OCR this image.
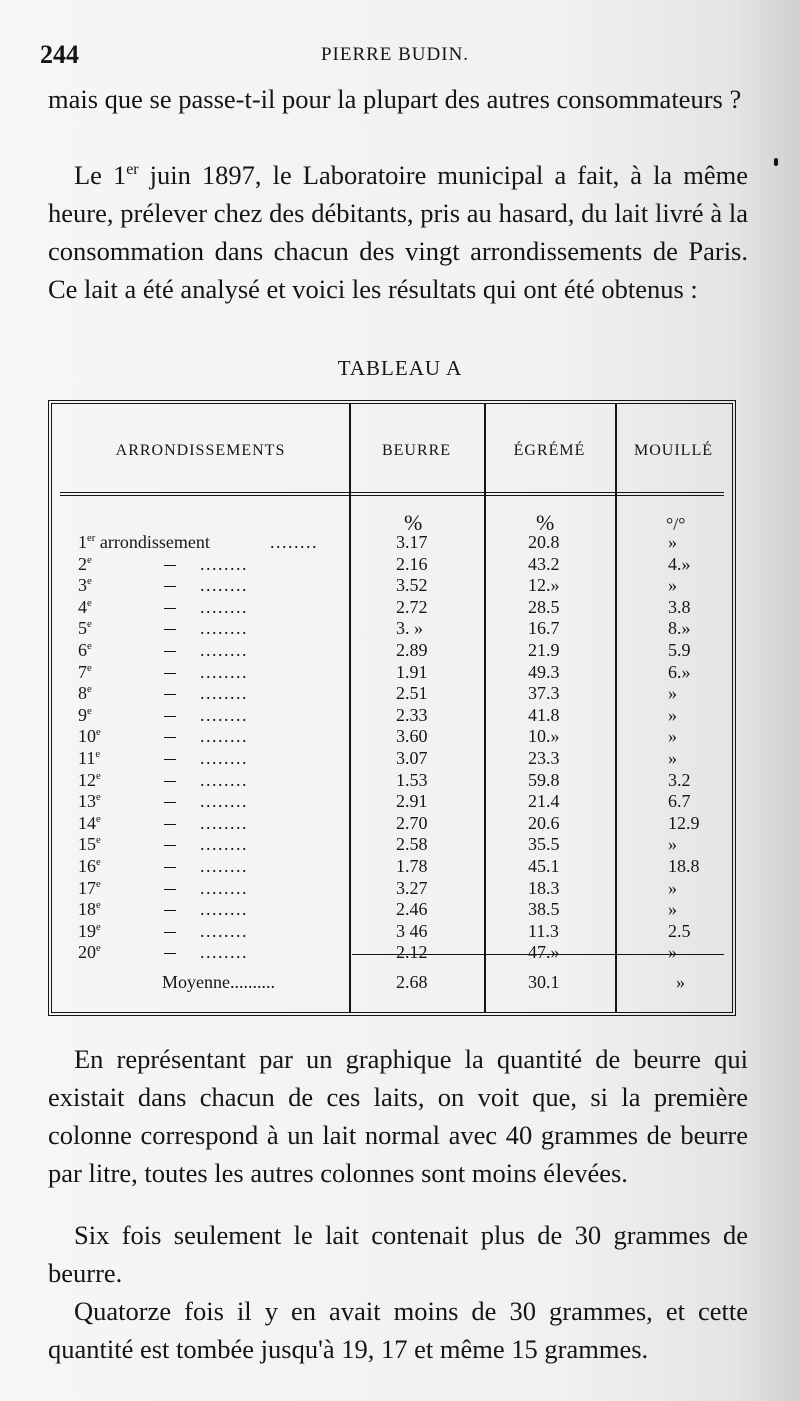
244	PIERRE BUDIN.

mais que se passe-t-il pour la plupart des autres consommateurs ?

Le 1er juin 1897, le Laboratoire municipal a fait, à la même heure, prélever chez des débitants, pris au hasard, du lait livré à la consommation dans chacun des vingt arrondissements de Paris. Ce lait a été analysé et voici les résultats qui ont été obtenus :

TABLEAU A
ARRONDISSEMENTS	BEURRE	ÉGRÉMÉ	MOUILLÉ
%	%	°/°
1er arrondissement	........	3.17	20.8	»
2e	........	2.16	43.2	4.»
3e	........	3.52	12.»	»
4e	........	2.72	28.5	3.8
5e	........	3. »	16.7	8.»
6e	........	2.89	21.9	5.9
7e	........	1.91	49.3	6.»
8e	........	2.51	37.3	»
9e	........	2.33	41.8	»
10e	........	3.60	10.»	»
11e	........	3.07	23.3	»
12e	........	1.53	59.8	3.2
13e	........	2.91	21.4	6.7
14e	........	2.70	20.6	12.9
15e	........	2.58	35.5	»
16e	........	1.78	45.1	18.8
17e	........	3.27	18.3	»
18e	........	2.46	38.5	»
19e	........	3 46	11.3	2.5
20e	........	2.12	47.»	»
Moyenne..........	2.68	30.1	»

En représentant par un graphique la quantité de beurre qui existait dans chacun de ces laits, on voit que, si la première colonne correspond à un lait normal avec 40 grammes de beurre par litre, toutes les autres colonnes sont moins élevées.

Six fois seulement le lait contenait plus de 30 grammes de beurre.

Quatorze fois il y en avait moins de 30 grammes, et cette quantité est tombée jusqu'à 19, 17 et même 15 grammes.
